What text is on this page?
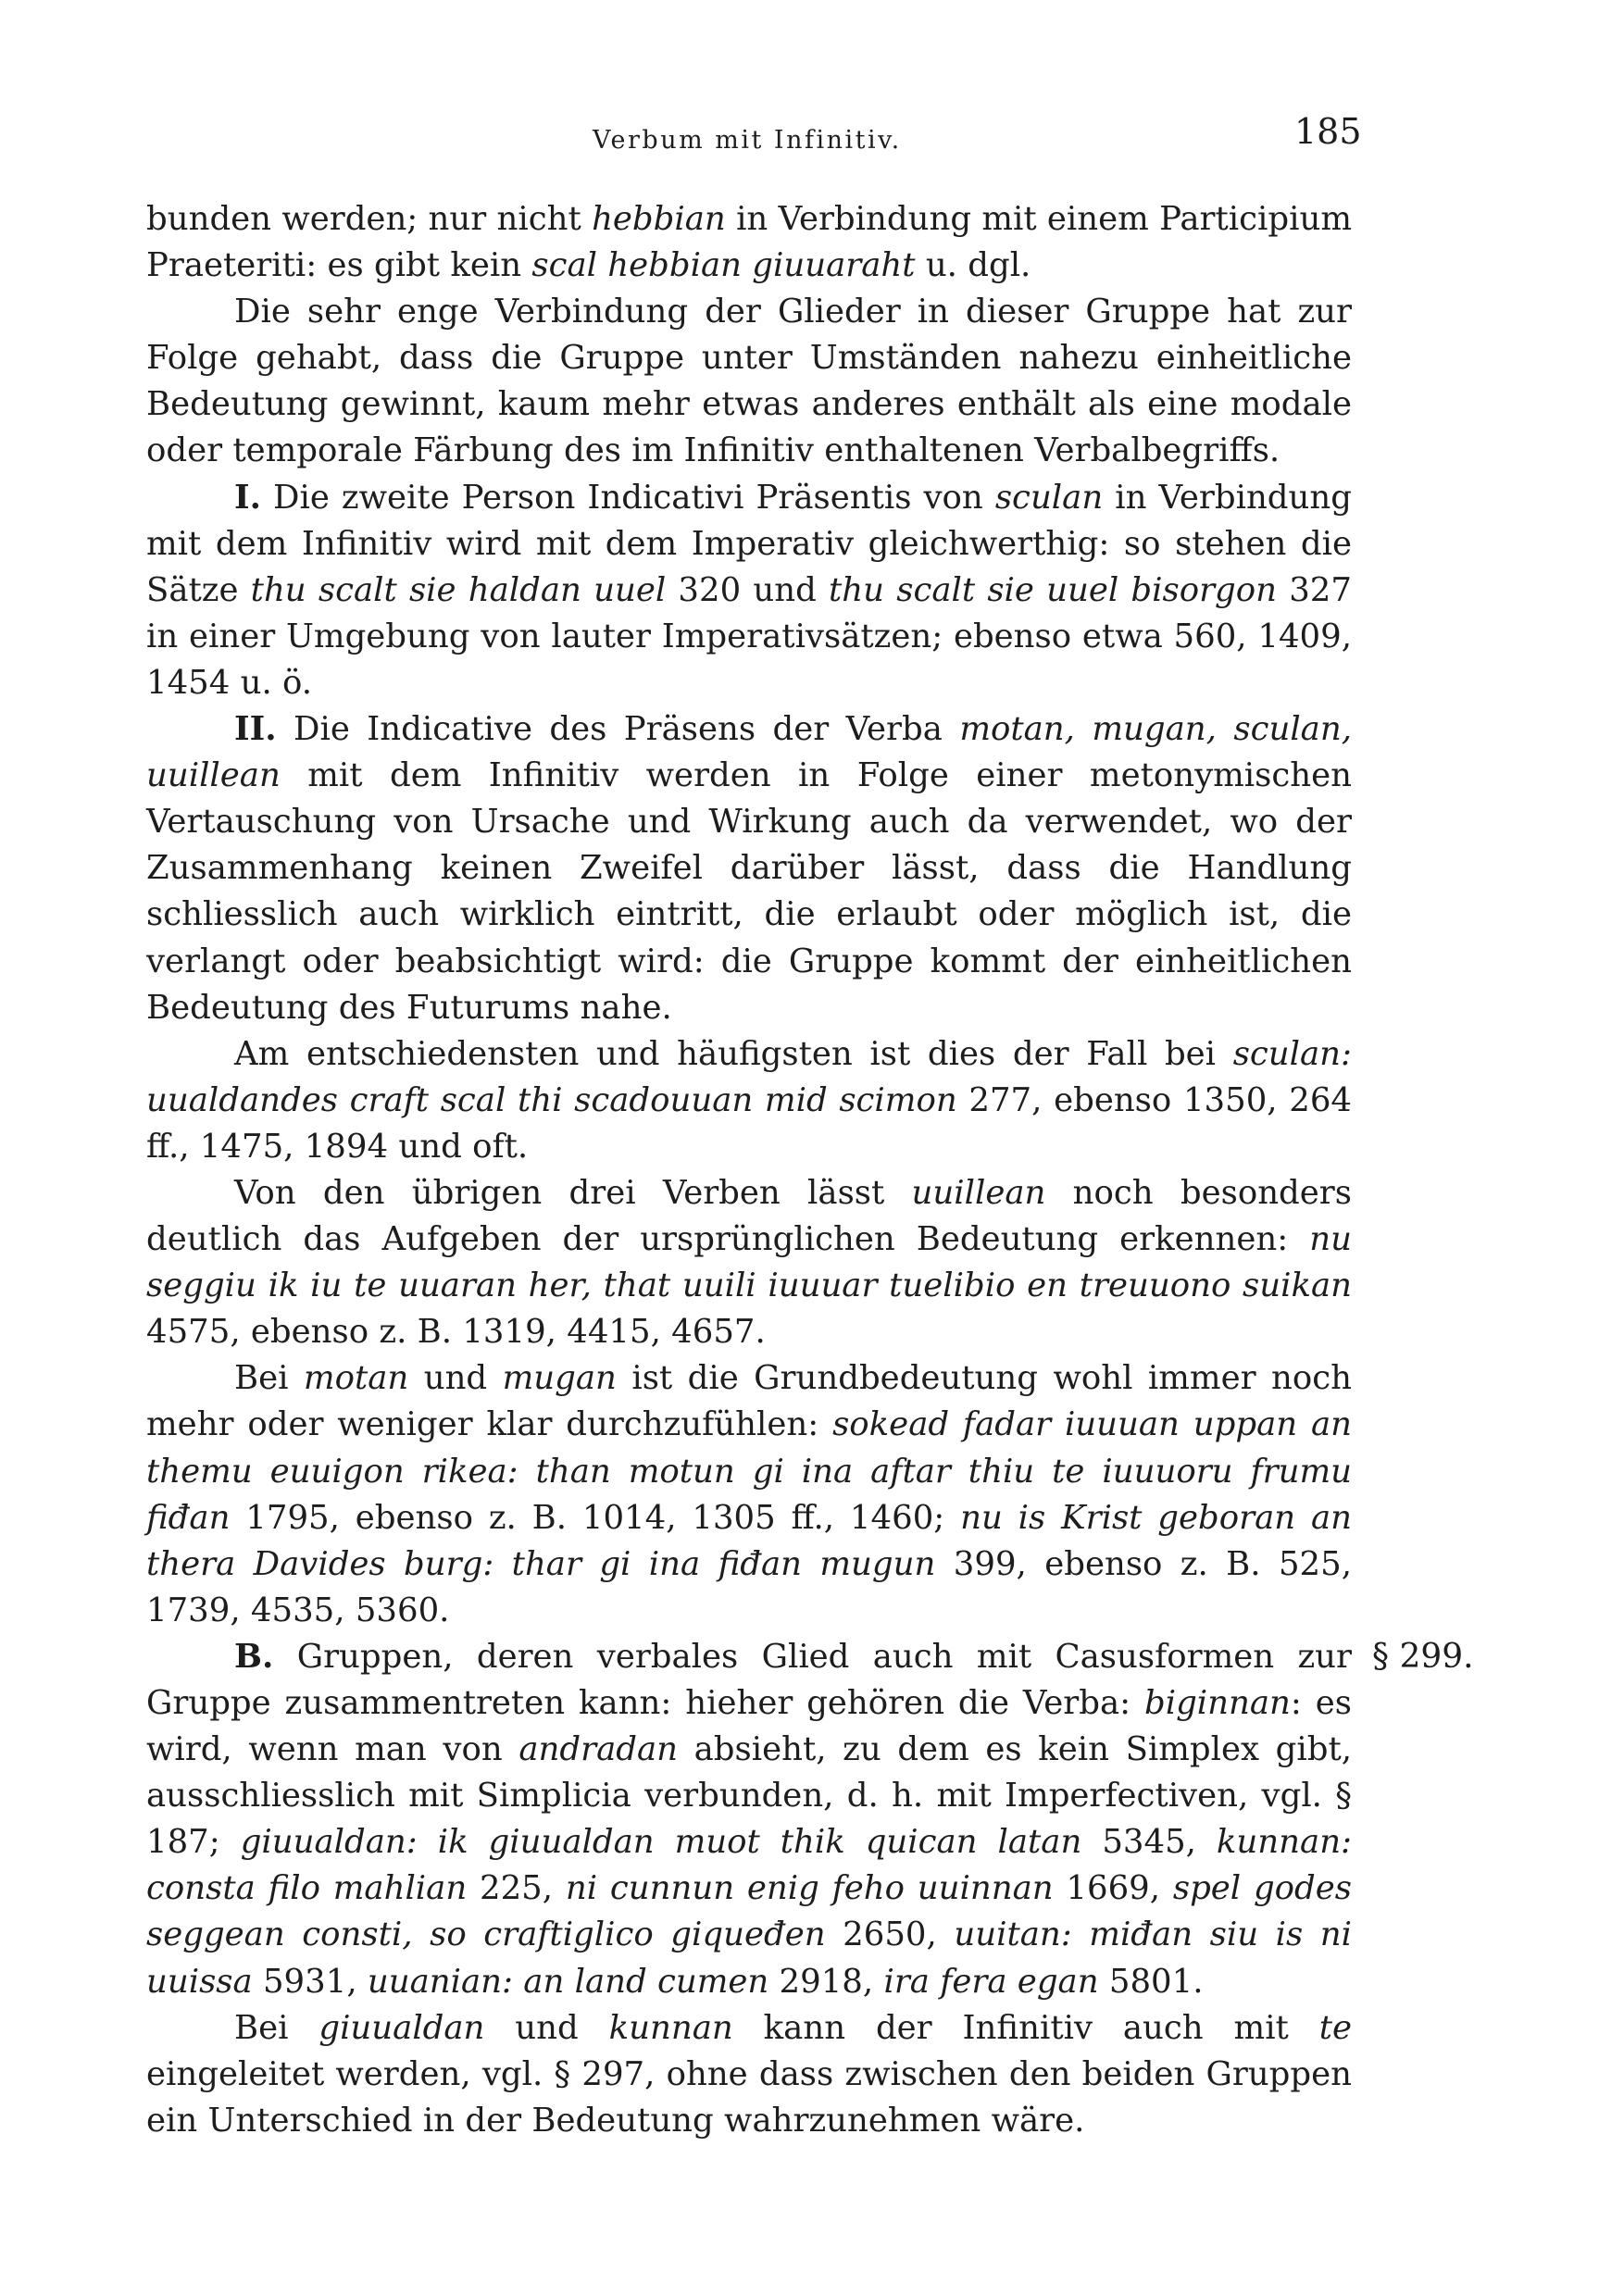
Verbum mit Infinitiv.	185

bunden werden; nur nicht hebbian in Verbindung mit einem Participium Praeteriti: es gibt kein scal hebbian giuuaraht u. dgl.

Die sehr enge Verbindung der Glieder in dieser Gruppe hat zur Folge gehabt, dass die Gruppe unter Umständen nahezu einheitliche Bedeutung gewinnt, kaum mehr etwas anderes enthält als eine modale oder temporale Färbung des im Infinitiv enthaltenen Verbalbegriffs.

I. Die zweite Person Indicativi Präsentis von sculan in Verbindung mit dem Infinitiv wird mit dem Imperativ gleichwerthig: so stehen die Sätze thu scalt sie haldan uuel 320 und thu scalt sie uuel bisorgon 327 in einer Umgebung von lauter Imperativsätzen; ebenso etwa 560, 1409, 1454 u. ö.

II. Die Indicative des Präsens der Verba motan, mugan, sculan, uuillean mit dem Infinitiv werden in Folge einer metonymischen Vertauschung von Ursache und Wirkung auch da verwendet, wo der Zusammenhang keinen Zweifel darüber lässt, dass die Handlung schliesslich auch wirklich eintritt, die erlaubt oder möglich ist, die verlangt oder beabsichtigt wird: die Gruppe kommt der einheitlichen Bedeutung des Futurums nahe.

Am entschiedensten und häufigsten ist dies der Fall bei sculan: uualdandes craft scal thi scadouuan mid scimon 277, ebenso 1350, 264 ff., 1475, 1894 und oft.

Von den übrigen drei Verben lässt uuillean noch besonders deutlich das Aufgeben der ursprünglichen Bedeutung erkennen: nu seggiu ik iu te uuaran her, that uuili iuuuar tuelibio en treuuono suikan 4575, ebenso z. B. 1319, 4415, 4657.

Bei motan und mugan ist die Grundbedeutung wohl immer noch mehr oder weniger klar durchzufühlen: sokead fadar iuuuan uppan an themu euuigon rikea: than motun gi ina aftar thiu te iuuuoru frumu fiđan 1795, ebenso z. B. 1014, 1305 ff., 1460; nu is Krist geboran an thera Davides burg: thar gi ina fiđan mugun 399, ebenso z. B. 525, 1739, 4535, 5360.

§ 299.
B. Gruppen, deren verbales Glied auch mit Casusformen zur Gruppe zusammentreten kann: hieher gehören die Verba: biginnan: es wird, wenn man von andradan absieht, zu dem es kein Simplex gibt, ausschliesslich mit Simplicia verbunden, d. h. mit Imperfectiven, vgl. § 187; giuualdan: ik giuualdan muot thik quican latan 5345, kunnan: consta filo mahlian 225, ni cunnun enig feho uuinnan 1669, spel godes seggean consti, so craftiglico giqueđen 2650, uuitan: miđan siu is ni uuissa 5931, uuanian: an land cumen 2918, ira fera egan 5801.

Bei giuualdan und kunnan kann der Infinitiv auch mit te eingeleitet werden, vgl. § 297, ohne dass zwischen den beiden Gruppen ein Unterschied in der Bedeutung wahrzunehmen wäre.
